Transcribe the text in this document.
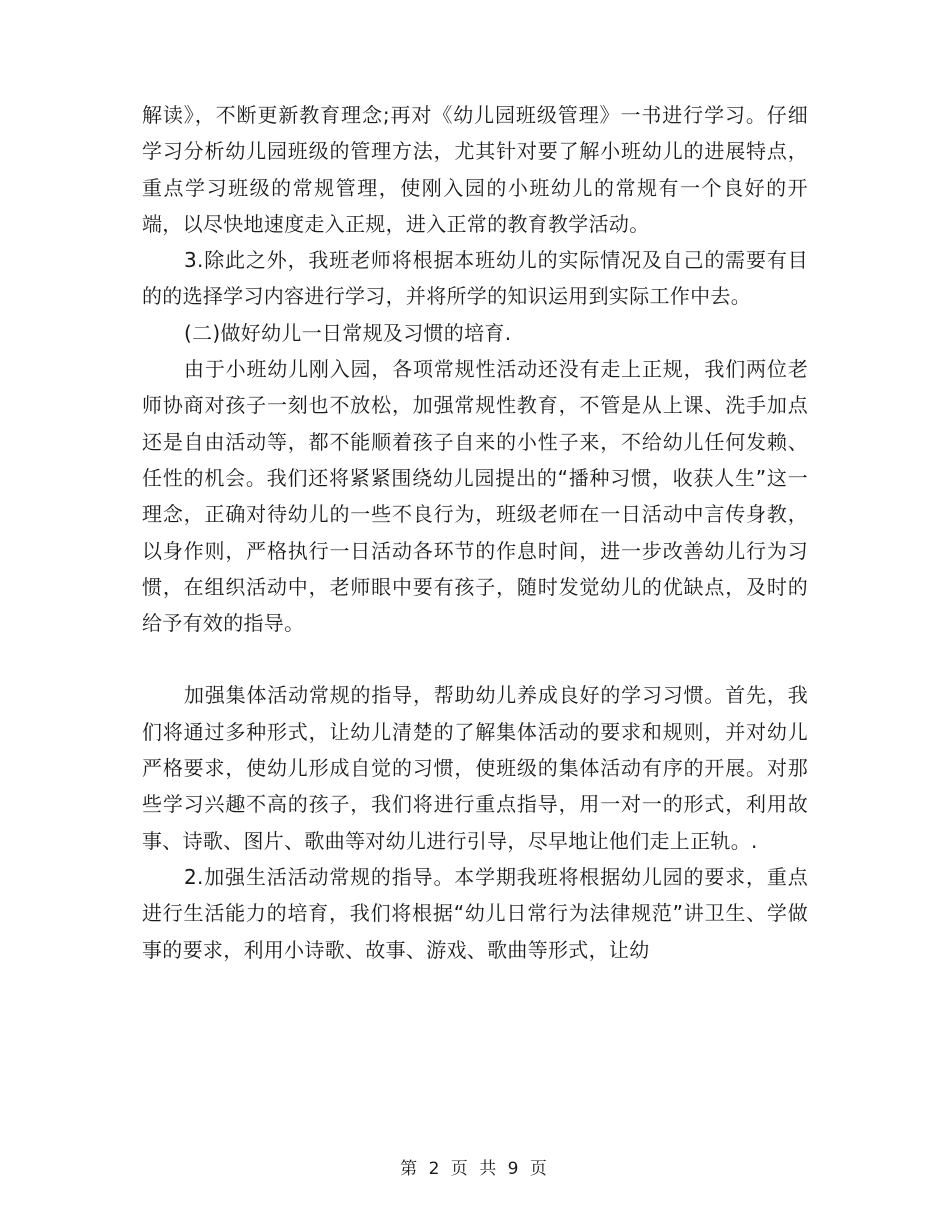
解读》，不断更新教育理念;再对《幼儿园班级管理》一书进行学习。仔细学习分析幼儿园班级的管理方法，尤其针对要了解小班幼儿的进展特点，重点学习班级的常规管理，使刚入园的小班幼儿的常规有一个良好的开端，以尽快地速度走入正规，进入正常的教育教学活动。

3.除此之外，我班老师将根据本班幼儿的实际情况及自己的需要有目的的选择学习内容进行学习，并将所学的知识运用到实际工作中去。

(二)做好幼儿一日常规及习惯的培育.

由于小班幼儿刚入园，各项常规性活动还没有走上正规，我们两位老师协商对孩子一刻也不放松，加强常规性教育，不管是从上课、洗手加点还是自由活动等，都不能顺着孩子自来的小性子来，不给幼儿任何发赖、任性的机会。我们还将紧紧围绕幼儿园提出的“播种习惯，收获人生”这一理念，正确对待幼儿的一些不良行为，班级老师在一日活动中言传身教，以身作则，严格执行一日活动各环节的作息时间，进一步改善幼儿行为习惯，在组织活动中，老师眼中要有孩子，随时发觉幼儿的优缺点，及时的给予有效的指导。

加强集体活动常规的指导，帮助幼儿养成良好的学习习惯。首先，我们将通过多种形式，让幼儿清楚的了解集体活动的要求和规则，并对幼儿严格要求，使幼儿形成自觉的习惯，使班级的集体活动有序的开展。对那些学习兴趣不高的孩子，我们将进行重点指导，用一对一的形式，利用故事、诗歌、图片、歌曲等对幼儿进行引导，尽早地让他们走上正轨。.

2.加强生活活动常规的指导。本学期我班将根据幼儿园的要求，重点进行生活能力的培育，我们将根据“幼儿日常行为法律规范”讲卫生、学做事的要求，利用小诗歌、故事、游戏、歌曲等形式，让幼

第 2 页 共 9 页
